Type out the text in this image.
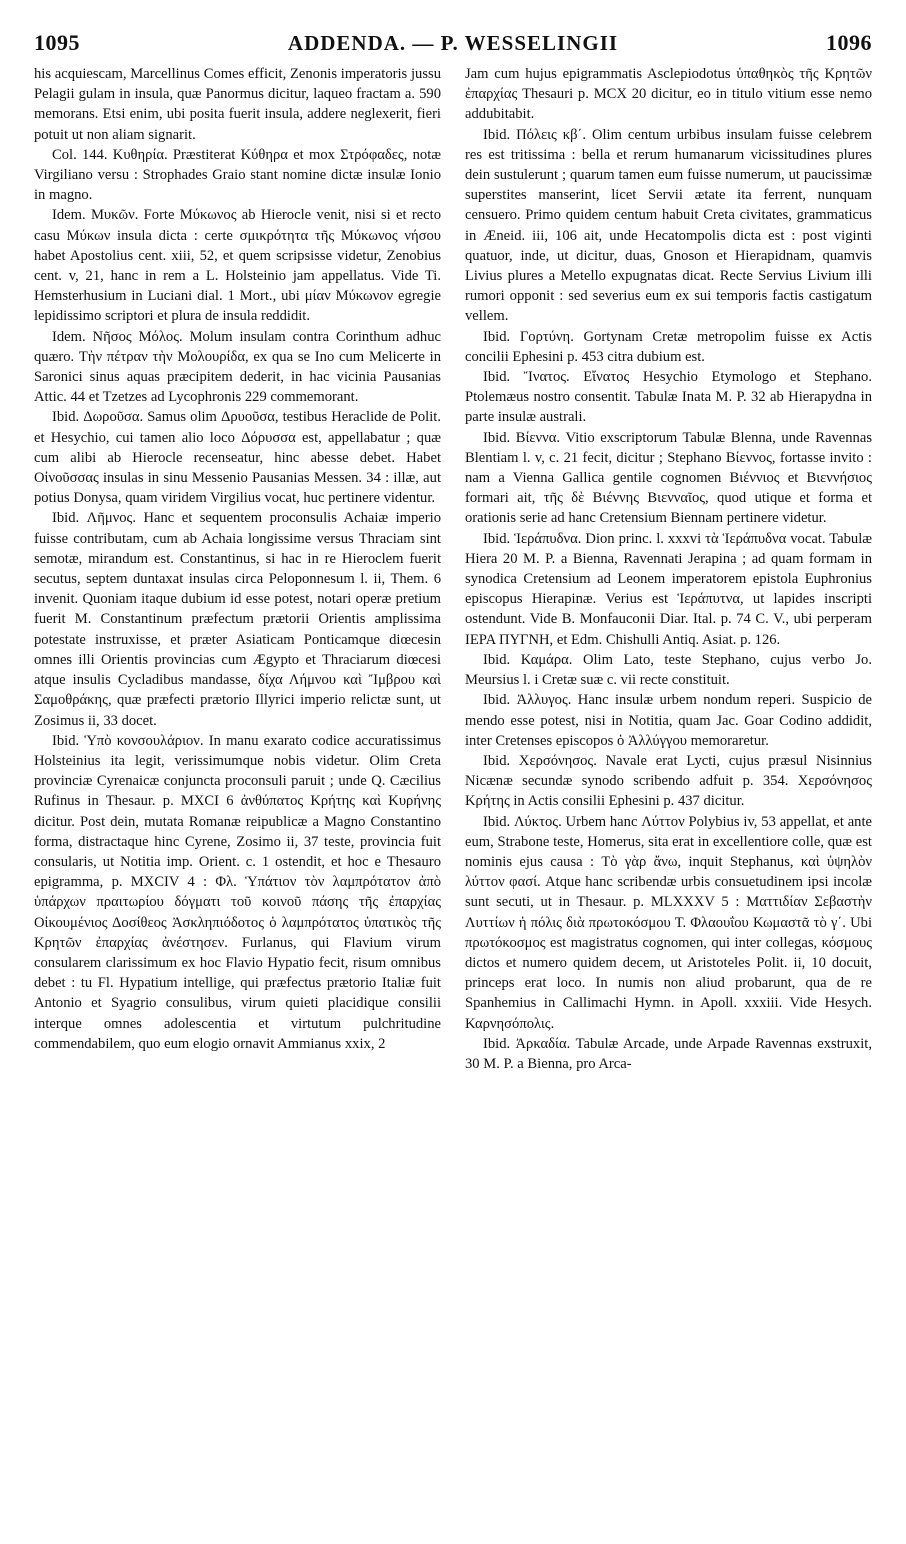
1095	ADDENDA. — P. WESSELINGII	1096

his acquiescam, Marcellinus Comes efficit, Zenonis imperatoris jussu Pelagii gulam in insula, quæ Panormus dicitur, laqueo fractam a. 590 memorans. Etsi enim, ubi posita fuerit insula, addere neglexerit, fieri potuit ut non aliam signarit.

Col. 144. Κυθηρία. Præstiterat Κύθηρα et mox Στρόφαδες, notæ Virgiliano versu : Strophades Graio stant nomine dictæ insulæ Ionio in magno.

Idem. Μυκῶν. Forte Μύκωνος ab Hierocle venit, nisi si et recto casu Μύκων insula dicta : certe σμικρότητα τῆς Μύκωνος νήσου habet Apostolius cent. xiii, 52, et quem scripsisse videtur, Zenobius cent. v, 21, hanc in rem a L. Holsteinio jam appellatus. Vide Ti. Hemsterhusium in Luciani dial. 1 Mort., ubi μίαν Μύκωνον egregie lepidissimo scriptori et plura de insula reddidit.

Idem. Νῆσος Μόλος. Molum insulam contra Corinthum adhuc quæro. Τὴν πέτραν τὴν Μολουρίδα, ex qua se Ino cum Melicerte in Saronici sinus aquas præcipitem dederit, in hac vicinia Pausanias Attic. 44 et Tzetzes ad Lycophronis 229 commemorant.

Ibid. Δωροῦσα. Samus olim Δρυοῦσα, testibus Heraclide de Polit. et Hesychio, cui tamen alio loco Δόρυσσα est, appellabatur ; quæ cum alibi ab Hierocle recenseatur, hinc abesse debet. Habet Οἰνοῦσσας insulas in sinu Messenio Pausanias Messen. 34 : illæ, aut potius Donysa, quam viridem Virgilius vocat, huc pertinere videntur.

Ibid. Λῆμνος. Hanc et sequentem proconsulis Achaiæ imperio fuisse contributam, cum ab Achaia longissime versus Thraciam sint semotæ, mirandum est. Constantinus, si hac in re Hieroclem fuerit secutus, septem duntaxat insulas circa Peloponnesum l. ii, Them. 6 invenit. Quoniam itaque dubium id esse potest, notari operæ pretium fuerit M. Constantinum præfectum prætorii Orientis amplissima potestate instruxisse, et præter Asiaticam Ponticamque diœcesin omnes illi Orientis provincias cum Ægypto et Thraciarum diœcesi atque insulis Cycladibus mandasse, δίχα Λήμνου καὶ Ἴμβρου καὶ Σαμοθράκης, quæ præfecti prætorio Illyrici imperio relictæ sunt, ut Zosimus ii, 33 docet.

Ibid. Ὑπὸ κονσουλάριον. In manu exarato codice accuratissimus Holsteinius ita legit, verissimumque nobis videtur. Olim Creta provinciæ Cyrenaicæ conjuncta proconsuli paruit ; unde Q. Cæcilius Rufinus in Thesaur. p. MXCI 6 ἀνθύπατος Κρήτης καὶ Κυρήνης dicitur. Post dein, mutata Romanæ reipublicæ a Magno Constantino forma, distractaque hinc Cyrene, Zosimo ii, 37 teste, provincia fuit consularis, ut Notitia imp. Orient. c. 1 ostendit, et hoc e Thesauro epigramma, p. MXCIV 4 : Φλ. Ὑπάτιον τὸν λαμπρότατον ἀπὸ ὑπάρχων πραιτωρίου δόγματι τοῦ κοινοῦ πάσης τῆς ἐπαρχίας Οἰκουμένιος Δοσίθεος Ἀσκληπιόδοτος ὁ λαμπρότατος ὑπατικὸς τῆς Κρητῶν ἐπαρχίας ἀνέστησεν. Furlanus, qui Flavium virum consularem clarissimum ex hoc Flavio Hypatio fecit, risum omnibus debet : tu Fl. Hypatium intellige, qui præfectus prætorio Italiæ fuit Antonio et Syagrio consulibus, virum quieti placidique consilii interque omnes adolescentia et virtutum pulchritudine commendabilem, quo eum elogio ornavit Ammianus xxix, 2

Jam cum hujus epigrammatis Asclepiodotus ὑπαθηκὸς τῆς Κρητῶν ἐπαρχίας Thesauri p. MCX 20 dicitur, eo in titulo vitium esse nemo addubitabit.

Ibid. Πόλεις κβ΄. Olim centum urbibus insulam fuisse celebrem res est tritissima : bella et rerum humanarum vicissitudines plures dein sustulerunt ; quarum tamen eum fuisse numerum, ut paucissimæ superstites manserint, licet Servii ætate ita ferrent, nunquam censuero. Primo quidem centum habuit Creta civitates, grammaticus in Æneid. iii, 106 ait, unde Hecatompolis dicta est : post viginti quatuor, inde, ut dicitur, duas, Gnoson et Hierapidnam, quamvis Livius plures a Metello expugnatas dicat. Recte Servius Livium illi rumori opponit : sed severius eum ex sui temporis factis castigatum vellem.

Ibid. Γορτύνη. Gortynam Cretæ metropolim fuisse ex Actis concilii Ephesini p. 453 citra dubium est.

Ibid. Ἴνατος. Εἴνατος Hesychio Etymologo et Stephano. Ptolemæus nostro consentit. Tabulæ Inata M. P. 32 ab Hierapydna in parte insulæ australi.

Ibid. Βίεννα. Vitio exscriptorum Tabulæ Blenna, unde Ravennas Blentiam l. v, c. 21 fecit, dicitur ; Stephano Βίεννος, fortasse invito : nam a Vienna Gallica gentile cognomen Βιέννιος et Βιεννήσιος formari ait, τῆς δὲ Βιέννης Βιενναῖος, quod utique et forma et orationis serie ad hanc Cretensium Biennam pertinere videtur.

Ibid. Ἱεράπυδνα. Dion princ. l. xxxvi τὰ Ἱεράπυδνα vocat. Tabulæ Hiera 20 M. P. a Bienna, Ravennati Jerapina ; ad quam formam in synodica Cretensium ad Leonem imperatorem epistola Euphronius episcopus Hierapinæ. Verius est Ἱεράπυτνα, ut lapides inscripti ostendunt. Vide B. Monfauconii Diar. Ital. p. 74 C. V., ubi perperam ΙΕΡΑ ΠΥΓΝΗ, et Edm. Chishulli Antiq. Asiat. p. 126.

Ibid. Καμάρα. Olim Lato, teste Stephano, cujus verbo Jo. Meursius l. i Cretæ suæ c. vii recte constituit.

Ibid. Ἀλλυγος. Hanc insulæ urbem nondum reperi. Suspicio de mendo esse potest, nisi in Notitia, quam Jac. Goar Codino addidit, inter Cretenses episcopos ὁ Ἀλλύγγου memoraretur.

Ibid. Χερσόνησος. Navale erat Lycti, cujus præsul Nisinnius Nicænæ secundæ synodo scribendo adfuit p. 354. Χερσόνησος Κρήτης in Actis consilii Ephesini p. 437 dicitur.

Ibid. Λύκτος. Urbem hanc Λύττον Polybius iv, 53 appellat, et ante eum, Strabone teste, Homerus, sita erat in excellentiore colle, quæ est nominis ejus causa : Τὸ γὰρ ἄνω, inquit Stephanus, καὶ ὑψηλὸν λύττον φασί. Atque hanc scribendæ urbis consuetudinem ipsi incolæ sunt secuti, ut in Thesaur. p. MLXXXV 5 : Ματτιδίαν Σεβαστὴν Λυττίων ἡ πόλις διὰ πρωτοκόσμου Τ. Φλαουΐου Κωμαστᾶ τὸ γ΄. Ubi πρωτόκοσμος est magistratus cognomen, qui inter collegas, κόσμους dictos et numero quidem decem, ut Aristoteles Polit. ii, 10 docuit, princeps erat loco. In numis non aliud probarunt, qua de re Spanhemius in Callimachi Hymn. in Apoll. xxxiii. Vide Hesych. Καρνησόπολις.

Ibid. Ἀρκαδία. Tabulæ Arcade, unde Arpade Ravennas exstruxit, 30 M. P. a Bienna, pro Arca-
